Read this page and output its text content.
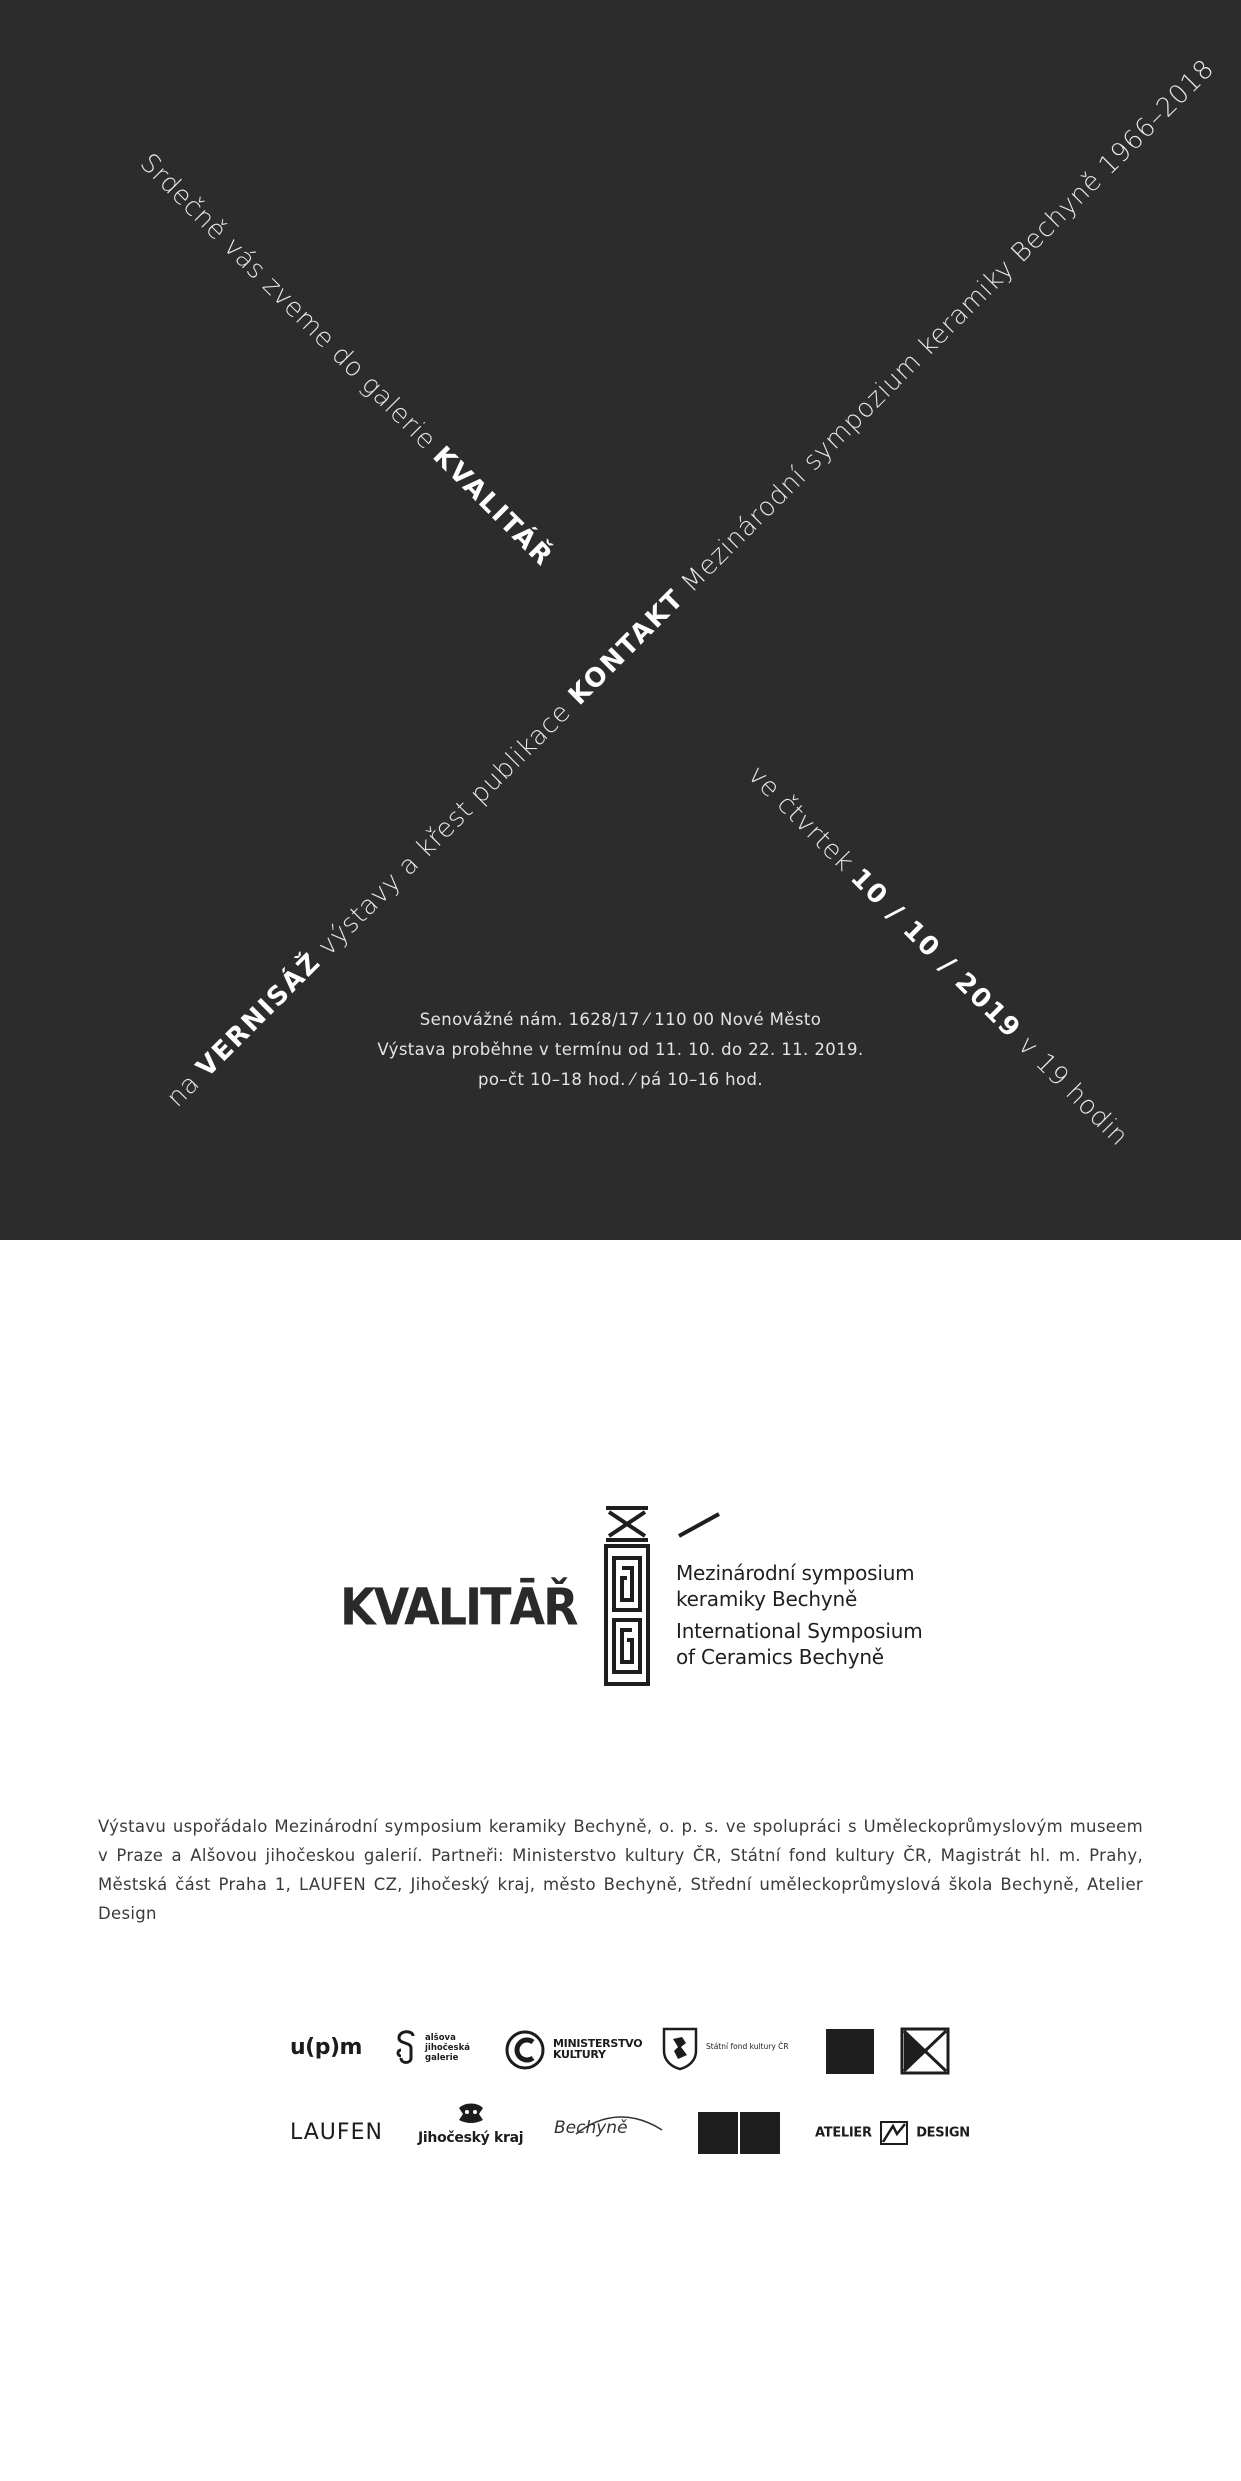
Srdečně vás zveme do galerie KVALITÁŘ
KONTAKT Mezinárodní sympozium keramiky Bechyně 1966–2018
na VERNISÁŽ výstavy a křest publikace	ve čtvrtek 10 / 10 / 2019 v 19 hodin
Senovážné nám. 1628/17 ⁄ 110 00 Nové Město
Výstava proběhne v termínu od 11. 10. do 22. 11. 2019.
po–čt 10–18 hod. ⁄ pá 10–16 hod.
KVALITĀŘ
Mezinárodní symposium
keramiky Bechyně
International Symposium
of Ceramics Bechyně

Výstavu uspořádalo Mezinárodní symposium keramiky Bechyně, o. p. s. ve spolupráci s Uměleckoprůmyslovým museem

v Praze a Alšovou jihočeskou galerií. Partneři: Ministerstvo kultury ČR, Státní fond kultury ČR, Magistrát hl. m. Prahy,

Městská část Praha 1, LAUFEN CZ, Jihočeský kraj, město Bechyně, Střední uměleckoprůmyslová škola Bechyně, Atelier Design

u(p)m	alšova
jihočeská
galerie
MINISTERSTVO
KULTURY
Státní fond kultury ČR
LAUFEN	Jihočeský kraj Bechyně	ATELIER	DESIGN
